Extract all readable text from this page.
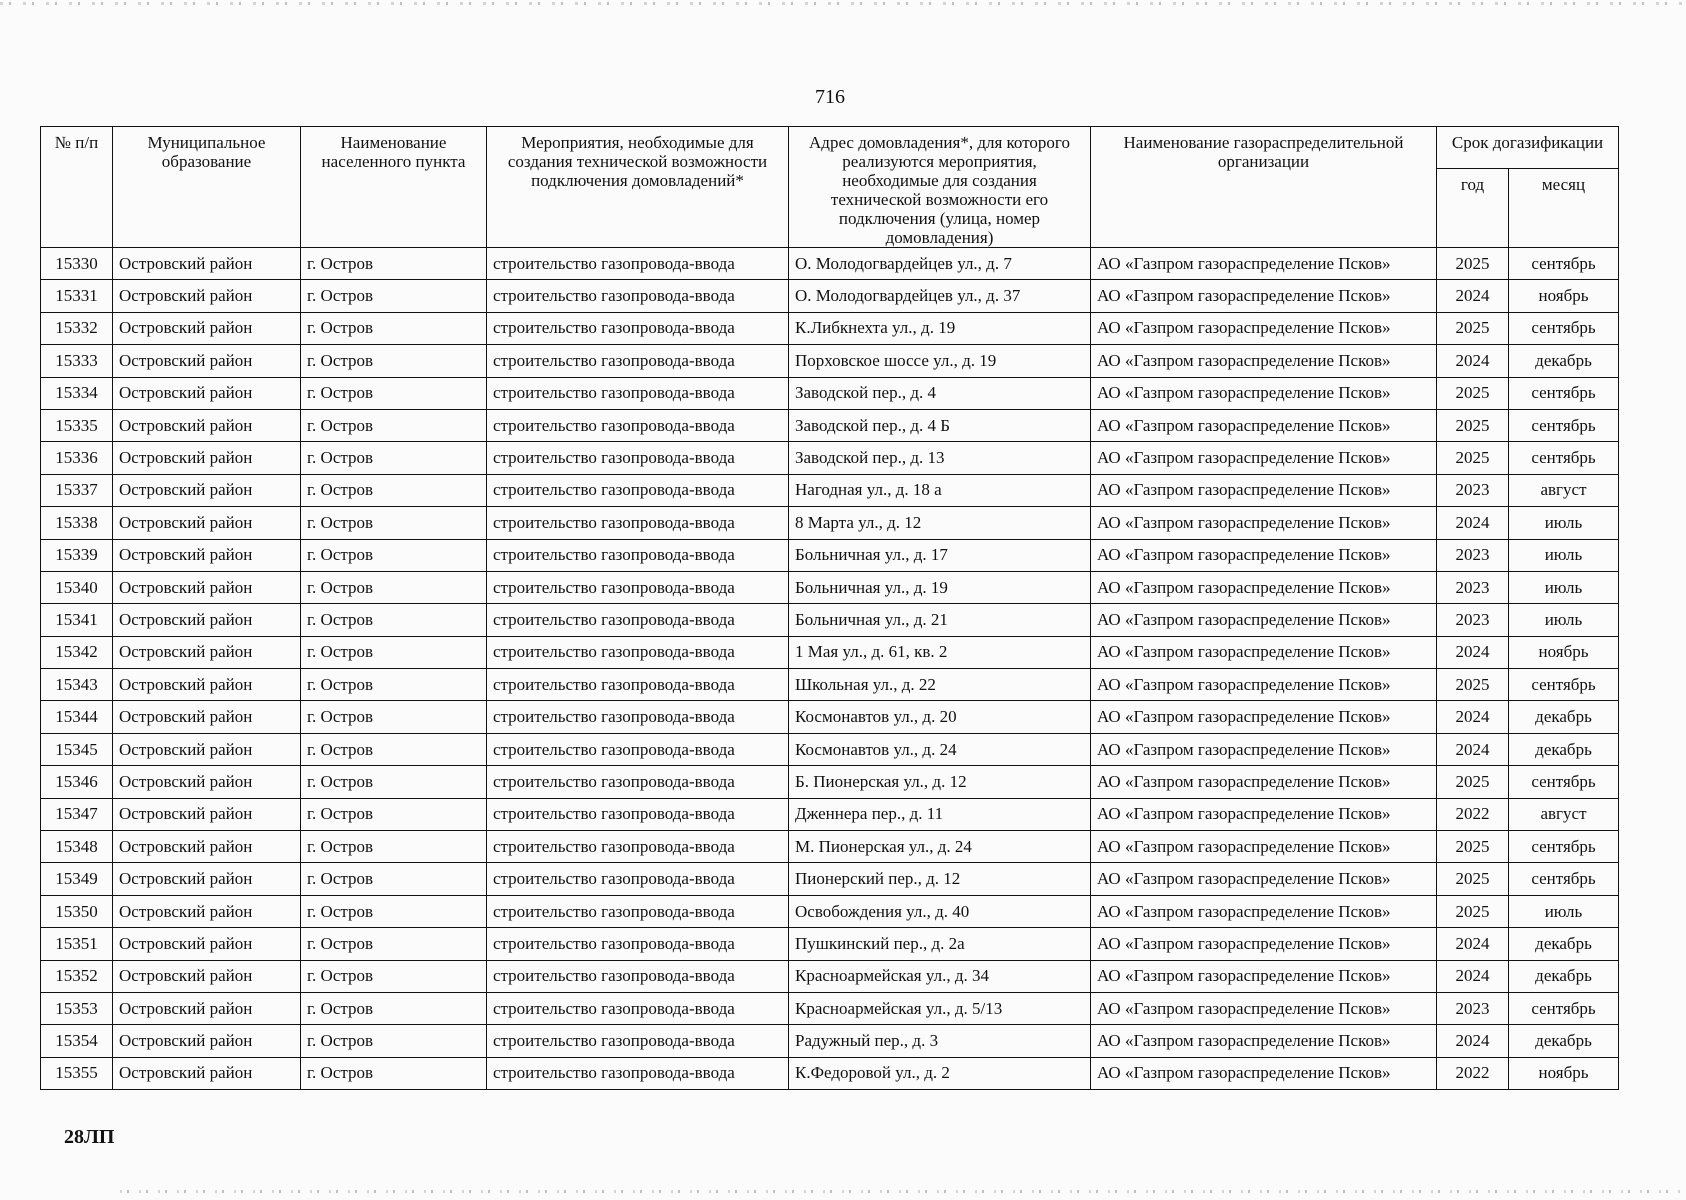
716
№ п/п	Муниципальное образование	Наименование населенного пункта	Мероприятия, необходимые для создания технической возможности подключения домовладений*	Адрес домовладения*, для которого реализуются мероприятия, необходимые для создания технической возможности его подключения (улица, номер домовладения)	Наименование газораспределительной организации	Срок догазификации	
						год	месяц
15330	Островский район	г. Остров	строительство газопровода-ввода	О. Молодогвардейцев ул., д. 7	АО «Газпром газораспределение Псков»	2025	сентябрь
15331	Островский район	г. Остров	строительство газопровода-ввода	О. Молодогвардейцев ул., д. 37	АО «Газпром газораспределение Псков»	2024	ноябрь
15332	Островский район	г. Остров	строительство газопровода-ввода	К.Либкнехта ул., д. 19	АО «Газпром газораспределение Псков»	2025	сентябрь
15333	Островский район	г. Остров	строительство газопровода-ввода	Порховское шоссе ул., д. 19	АО «Газпром газораспределение Псков»	2024	декабрь
15334	Островский район	г. Остров	строительство газопровода-ввода	Заводской пер., д. 4	АО «Газпром газораспределение Псков»	2025	сентябрь
15335	Островский район	г. Остров	строительство газопровода-ввода	Заводской пер., д. 4 Б	АО «Газпром газораспределение Псков»	2025	сентябрь
15336	Островский район	г. Остров	строительство газопровода-ввода	Заводской пер., д. 13	АО «Газпром газораспределение Псков»	2025	сентябрь
15337	Островский район	г. Остров	строительство газопровода-ввода	Нагодная ул., д. 18 а	АО «Газпром газораспределение Псков»	2023	август
15338	Островский район	г. Остров	строительство газопровода-ввода	8 Марта ул., д. 12	АО «Газпром газораспределение Псков»	2024	июль
15339	Островский район	г. Остров	строительство газопровода-ввода	Больничная ул., д. 17	АО «Газпром газораспределение Псков»	2023	июль
15340	Островский район	г. Остров	строительство газопровода-ввода	Больничная ул., д. 19	АО «Газпром газораспределение Псков»	2023	июль
15341	Островский район	г. Остров	строительство газопровода-ввода	Больничная ул., д. 21	АО «Газпром газораспределение Псков»	2023	июль
15342	Островский район	г. Остров	строительство газопровода-ввода	1 Мая ул., д. 61, кв. 2	АО «Газпром газораспределение Псков»	2024	ноябрь
15343	Островский район	г. Остров	строительство газопровода-ввода	Школьная ул., д. 22	АО «Газпром газораспределение Псков»	2025	сентябрь
15344	Островский район	г. Остров	строительство газопровода-ввода	Космонавтов ул., д. 20	АО «Газпром газораспределение Псков»	2024	декабрь
15345	Островский район	г. Остров	строительство газопровода-ввода	Космонавтов ул., д. 24	АО «Газпром газораспределение Псков»	2024	декабрь
15346	Островский район	г. Остров	строительство газопровода-ввода	Б. Пионерская ул., д. 12	АО «Газпром газораспределение Псков»	2025	сентябрь
15347	Островский район	г. Остров	строительство газопровода-ввода	Дженнера пер., д. 11	АО «Газпром газораспределение Псков»	2022	август
15348	Островский район	г. Остров	строительство газопровода-ввода	М. Пионерская ул., д. 24	АО «Газпром газораспределение Псков»	2025	сентябрь
15349	Островский район	г. Остров	строительство газопровода-ввода	Пионерский пер., д. 12	АО «Газпром газораспределение Псков»	2025	сентябрь
15350	Островский район	г. Остров	строительство газопровода-ввода	Освобождения ул., д. 40	АО «Газпром газораспределение Псков»	2025	июль
15351	Островский район	г. Остров	строительство газопровода-ввода	Пушкинский пер., д. 2а	АО «Газпром газораспределение Псков»	2024	декабрь
15352	Островский район	г. Остров	строительство газопровода-ввода	Красноармейская ул., д. 34	АО «Газпром газораспределение Псков»	2024	декабрь
15353	Островский район	г. Остров	строительство газопровода-ввода	Красноармейская ул., д. 5/13	АО «Газпром газораспределение Псков»	2023	сентябрь
15354	Островский район	г. Остров	строительство газопровода-ввода	Радужный пер., д. 3	АО «Газпром газораспределение Псков»	2024	декабрь
15355	Островский район	г. Остров	строительство газопровода-ввода	К.Федоровой ул., д. 2	АО «Газпром газораспределение Псков»	2022	ноябрь
28ЛП
